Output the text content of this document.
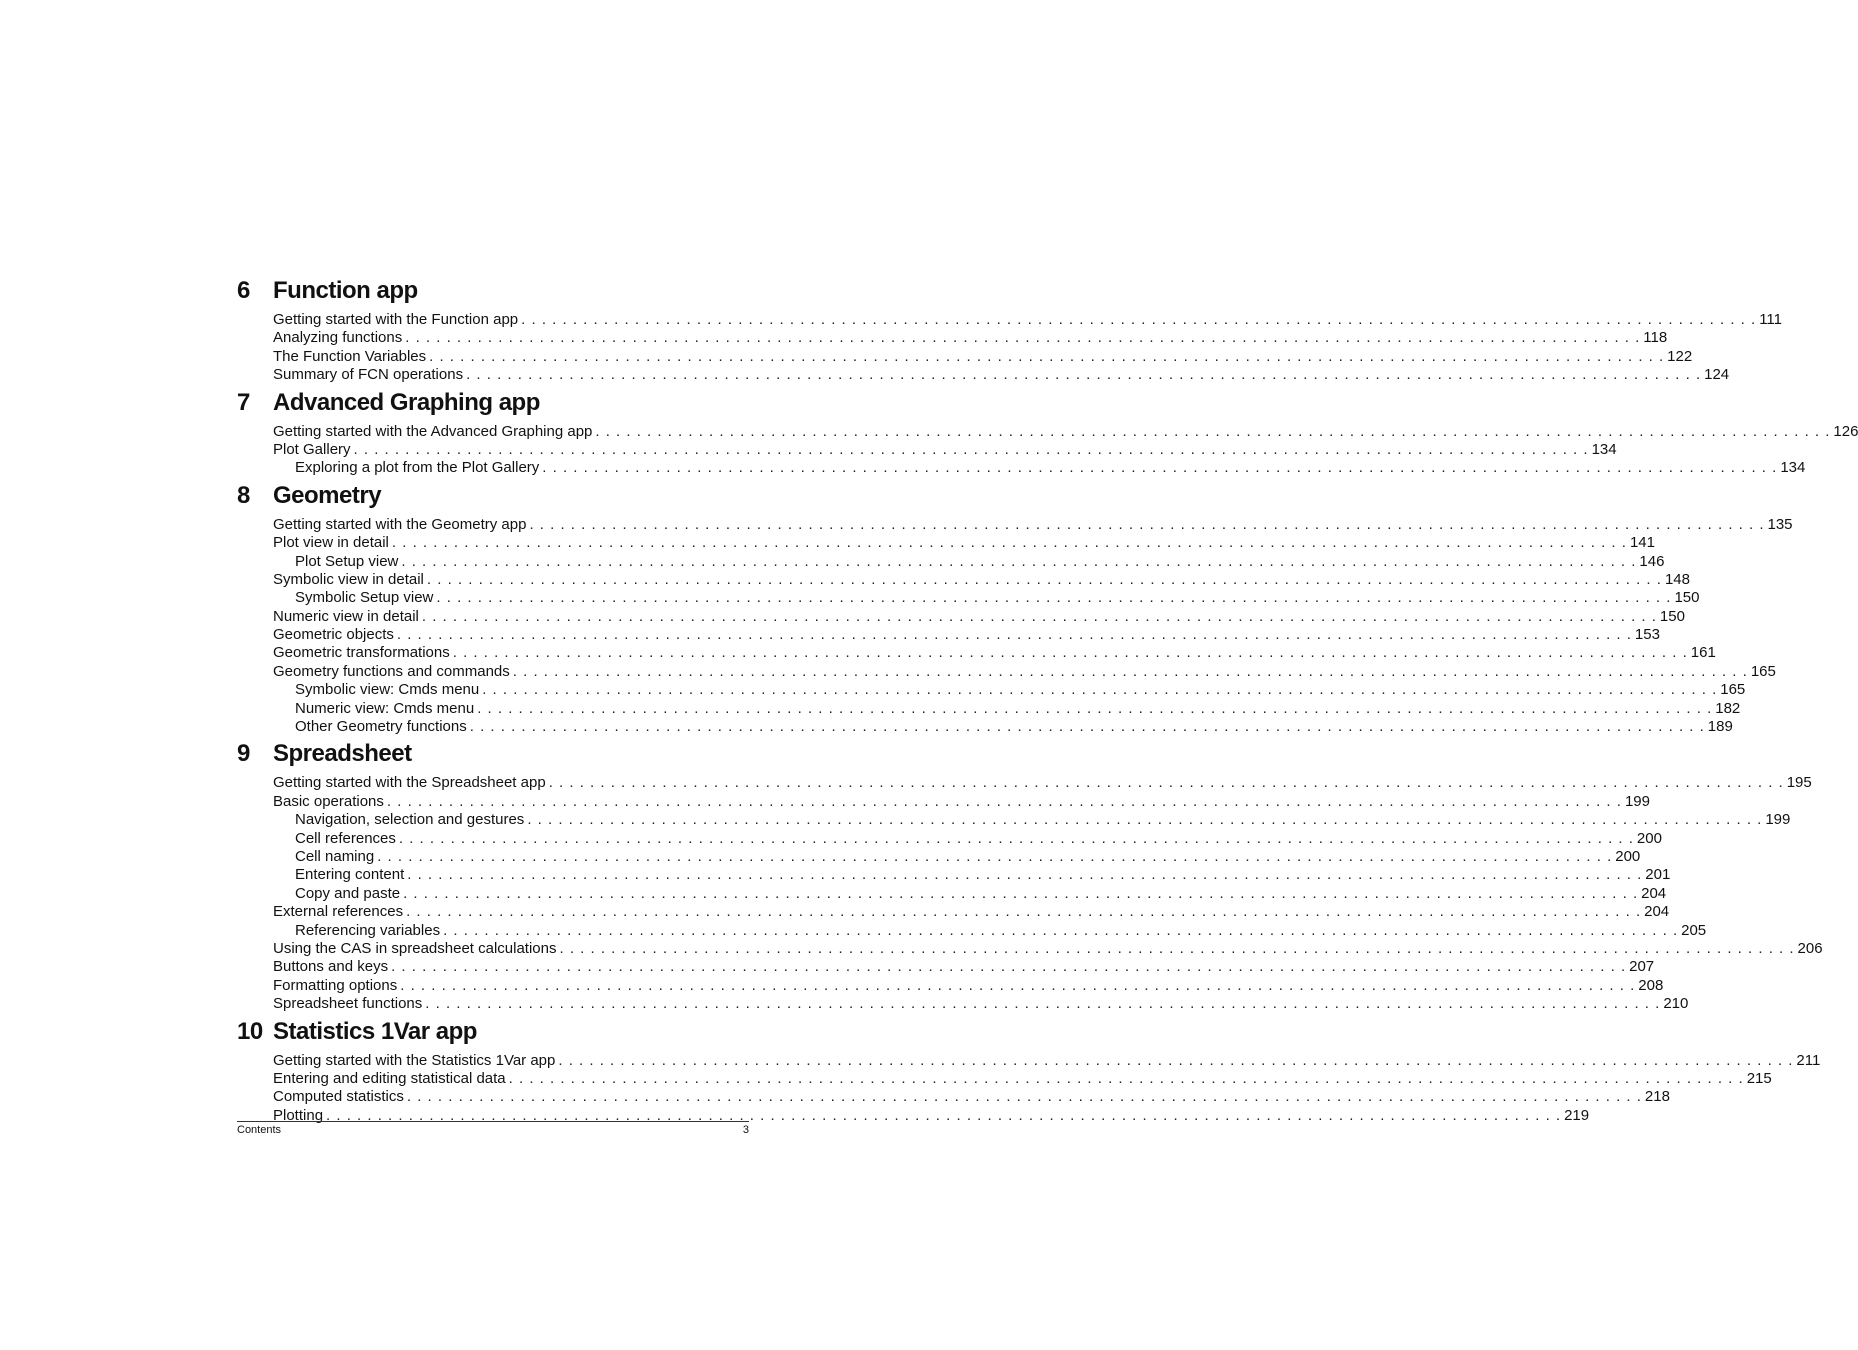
6 Function app
Getting started with the Function app . . . . . . . . . . . . . . . . . . . . . . . . . . . . . . . . . . . . . . . . . . . . . . . . . . . . . . . . . . . . . . . . . . . . . . . . . . . . . . . . . . . . . . . . . . . . . . . . . . . . . . . . . . . . . . . . . . . . . . . . 111
Analyzing functions . . . . . . . . . . . . . . . . . . . . . . . . . . . . . . . . . . . . . . . . . . . . . . . . . . . . . . . . . . . . . . . . . . . . . . . . . . . . . . . . . . . . . . . . . . . . . . . . . . . . . . . . . . . . . . . . . . . . . . . . 118
The Function Variables . . . . . . . . . . . . . . . . . . . . . . . . . . . . . . . . . . . . . . . . . . . . . . . . . . . . . . . . . . . . . . . . . . . . . . . . . . . . . . . . . . . . . . . . . . . . . . . . . . . . . . . . . . . . . . . . . . . . . . . . 122
Summary of FCN operations . . . . . . . . . . . . . . . . . . . . . . . . . . . . . . . . . . . . . . . . . . . . . . . . . . . . . . . . . . . . . . . . . . . . . . . . . . . . . . . . . . . . . . . . . . . . . . . . . . . . . . . . . . . . . . . . . . . . . . . . 124
7 Advanced Graphing app
Getting started with the Advanced Graphing app . . . . . . . . . . . . . . . . . . . . . . . . . . . . . . . . . . . . . . . . . . . . . . . . . . . . . . . . . . . . . . . . . . . . . . . . . . . . . . . . . . . . . . . . . . . . . . . . . . . . . . . . . . . . . . . . . . . . . . . . 126
Plot Gallery . . . . . . . . . . . . . . . . . . . . . . . . . . . . . . . . . . . . . . . . . . . . . . . . . . . . . . . . . . . . . . . . . . . . . . . . . . . . . . . . . . . . . . . . . . . . . . . . . . . . . . . . . . . . . . . . . . . . . . . . 134
Exploring a plot from the Plot Gallery . . . . . . . . . . . . . . . . . . . . . . . . . . . . . . . . . . . . . . . . . . . . . . . . . . . . . . . . . . . . . . . . . . . . . . . . . . . . . . . . . . . . . . . . . . . . . . . . . . . . . . . . . . . . . . . . . . . . . . . . 134
8 Geometry
Getting started with the Geometry app . . . . . . . . . . . . . . . . . . . . . . . . . . . . . . . . . . . . . . . . . . . . . . . . . . . . . . . . . . . . . . . . . . . . . . . . . . . . . . . . . . . . . . . . . . . . . . . . . . . . . . . . . . . . . . . . . . . . . . . . 135
Plot view in detail . . . . . . . . . . . . . . . . . . . . . . . . . . . . . . . . . . . . . . . . . . . . . . . . . . . . . . . . . . . . . . . . . . . . . . . . . . . . . . . . . . . . . . . . . . . . . . . . . . . . . . . . . . . . . . . . . . . . . . . . 141
Plot Setup view . . . . . . . . . . . . . . . . . . . . . . . . . . . . . . . . . . . . . . . . . . . . . . . . . . . . . . . . . . . . . . . . . . . . . . . . . . . . . . . . . . . . . . . . . . . . . . . . . . . . . . . . . . . . . . . . . . . . . . . . 146
Symbolic view in detail . . . . . . . . . . . . . . . . . . . . . . . . . . . . . . . . . . . . . . . . . . . . . . . . . . . . . . . . . . . . . . . . . . . . . . . . . . . . . . . . . . . . . . . . . . . . . . . . . . . . . . . . . . . . . . . . . . . . . . . . 148
Symbolic Setup view . . . . . . . . . . . . . . . . . . . . . . . . . . . . . . . . . . . . . . . . . . . . . . . . . . . . . . . . . . . . . . . . . . . . . . . . . . . . . . . . . . . . . . . . . . . . . . . . . . . . . . . . . . . . . . . . . . . . . . . . 150
Numeric view in detail . . . . . . . . . . . . . . . . . . . . . . . . . . . . . . . . . . . . . . . . . . . . . . . . . . . . . . . . . . . . . . . . . . . . . . . . . . . . . . . . . . . . . . . . . . . . . . . . . . . . . . . . . . . . . . . . . . . . . . . . 150
Geometric objects . . . . . . . . . . . . . . . . . . . . . . . . . . . . . . . . . . . . . . . . . . . . . . . . . . . . . . . . . . . . . . . . . . . . . . . . . . . . . . . . . . . . . . . . . . . . . . . . . . . . . . . . . . . . . . . . . . . . . . . . 153
Geometric transformations . . . . . . . . . . . . . . . . . . . . . . . . . . . . . . . . . . . . . . . . . . . . . . . . . . . . . . . . . . . . . . . . . . . . . . . . . . . . . . . . . . . . . . . . . . . . . . . . . . . . . . . . . . . . . . . . . . . . . . . . 161
Geometry functions and commands . . . . . . . . . . . . . . . . . . . . . . . . . . . . . . . . . . . . . . . . . . . . . . . . . . . . . . . . . . . . . . . . . . . . . . . . . . . . . . . . . . . . . . . . . . . . . . . . . . . . . . . . . . . . . . . . . . . . . . . . 165
Symbolic view: Cmds menu . . . . . . . . . . . . . . . . . . . . . . . . . . . . . . . . . . . . . . . . . . . . . . . . . . . . . . . . . . . . . . . . . . . . . . . . . . . . . . . . . . . . . . . . . . . . . . . . . . . . . . . . . . . . . . . . . . . . . . . . 165
Numeric view: Cmds menu . . . . . . . . . . . . . . . . . . . . . . . . . . . . . . . . . . . . . . . . . . . . . . . . . . . . . . . . . . . . . . . . . . . . . . . . . . . . . . . . . . . . . . . . . . . . . . . . . . . . . . . . . . . . . . . . . . . . . . . . 182
Other Geometry functions . . . . . . . . . . . . . . . . . . . . . . . . . . . . . . . . . . . . . . . . . . . . . . . . . . . . . . . . . . . . . . . . . . . . . . . . . . . . . . . . . . . . . . . . . . . . . . . . . . . . . . . . . . . . . . . . . . . . . . . . 189
9 Spreadsheet
Getting started with the Spreadsheet app . . . . . . . . . . . . . . . . . . . . . . . . . . . . . . . . . . . . . . . . . . . . . . . . . . . . . . . . . . . . . . . . . . . . . . . . . . . . . . . . . . . . . . . . . . . . . . . . . . . . . . . . . . . . . . . . . . . . . . . . 195
Basic operations . . . . . . . . . . . . . . . . . . . . . . . . . . . . . . . . . . . . . . . . . . . . . . . . . . . . . . . . . . . . . . . . . . . . . . . . . . . . . . . . . . . . . . . . . . . . . . . . . . . . . . . . . . . . . . . . . . . . . . . . 199
Navigation, selection and gestures . . . . . . . . . . . . . . . . . . . . . . . . . . . . . . . . . . . . . . . . . . . . . . . . . . . . . . . . . . . . . . . . . . . . . . . . . . . . . . . . . . . . . . . . . . . . . . . . . . . . . . . . . . . . . . . . . . . . . . . . 199
Cell references . . . . . . . . . . . . . . . . . . . . . . . . . . . . . . . . . . . . . . . . . . . . . . . . . . . . . . . . . . . . . . . . . . . . . . . . . . . . . . . . . . . . . . . . . . . . . . . . . . . . . . . . . . . . . . . . . . . . . . . . 200
Cell naming . . . . . . . . . . . . . . . . . . . . . . . . . . . . . . . . . . . . . . . . . . . . . . . . . . . . . . . . . . . . . . . . . . . . . . . . . . . . . . . . . . . . . . . . . . . . . . . . . . . . . . . . . . . . . . . . . . . . . . . . 200
Entering content . . . . . . . . . . . . . . . . . . . . . . . . . . . . . . . . . . . . . . . . . . . . . . . . . . . . . . . . . . . . . . . . . . . . . . . . . . . . . . . . . . . . . . . . . . . . . . . . . . . . . . . . . . . . . . . . . . . . . . . . 201
Copy and paste . . . . . . . . . . . . . . . . . . . . . . . . . . . . . . . . . . . . . . . . . . . . . . . . . . . . . . . . . . . . . . . . . . . . . . . . . . . . . . . . . . . . . . . . . . . . . . . . . . . . . . . . . . . . . . . . . . . . . . . . 204
External references . . . . . . . . . . . . . . . . . . . . . . . . . . . . . . . . . . . . . . . . . . . . . . . . . . . . . . . . . . . . . . . . . . . . . . . . . . . . . . . . . . . . . . . . . . . . . . . . . . . . . . . . . . . . . . . . . . . . . . . . 204
Referencing variables . . . . . . . . . . . . . . . . . . . . . . . . . . . . . . . . . . . . . . . . . . . . . . . . . . . . . . . . . . . . . . . . . . . . . . . . . . . . . . . . . . . . . . . . . . . . . . . . . . . . . . . . . . . . . . . . . . . . . . . . 205
Using the CAS in spreadsheet calculations . . . . . . . . . . . . . . . . . . . . . . . . . . . . . . . . . . . . . . . . . . . . . . . . . . . . . . . . . . . . . . . . . . . . . . . . . . . . . . . . . . . . . . . . . . . . . . . . . . . . . . . . . . . . . . . . . . . . . . . . 206
Buttons and keys . . . . . . . . . . . . . . . . . . . . . . . . . . . . . . . . . . . . . . . . . . . . . . . . . . . . . . . . . . . . . . . . . . . . . . . . . . . . . . . . . . . . . . . . . . . . . . . . . . . . . . . . . . . . . . . . . . . . . . . . 207
Formatting options . . . . . . . . . . . . . . . . . . . . . . . . . . . . . . . . . . . . . . . . . . . . . . . . . . . . . . . . . . . . . . . . . . . . . . . . . . . . . . . . . . . . . . . . . . . . . . . . . . . . . . . . . . . . . . . . . . . . . . . . 208
Spreadsheet functions . . . . . . . . . . . . . . . . . . . . . . . . . . . . . . . . . . . . . . . . . . . . . . . . . . . . . . . . . . . . . . . . . . . . . . . . . . . . . . . . . . . . . . . . . . . . . . . . . . . . . . . . . . . . . . . . . . . . . . . . 210
10 Statistics 1Var app
Getting started with the Statistics 1Var app . . . . . . . . . . . . . . . . . . . . . . . . . . . . . . . . . . . . . . . . . . . . . . . . . . . . . . . . . . . . . . . . . . . . . . . . . . . . . . . . . . . . . . . . . . . . . . . . . . . . . . . . . . . . . . . . . . . . . . . . 211
Entering and editing statistical data . . . . . . . . . . . . . . . . . . . . . . . . . . . . . . . . . . . . . . . . . . . . . . . . . . . . . . . . . . . . . . . . . . . . . . . . . . . . . . . . . . . . . . . . . . . . . . . . . . . . . . . . . . . . . . . . . . . . . . . . 215
Computed statistics . . . . . . . . . . . . . . . . . . . . . . . . . . . . . . . . . . . . . . . . . . . . . . . . . . . . . . . . . . . . . . . . . . . . . . . . . . . . . . . . . . . . . . . . . . . . . . . . . . . . . . . . . . . . . . . . . . . . . . . . 218
Plotting . . . . . . . . . . . . . . . . . . . . . . . . . . . . . . . . . . . . . . . . . . . . . . . . . . . . . . . . . . . . . . . . . . . . . . . . . . . . . . . . . . . . . . . . . . . . . . . . . . . . . . . . . . . . . . . . . . . . . . . . 219
Contents	3
